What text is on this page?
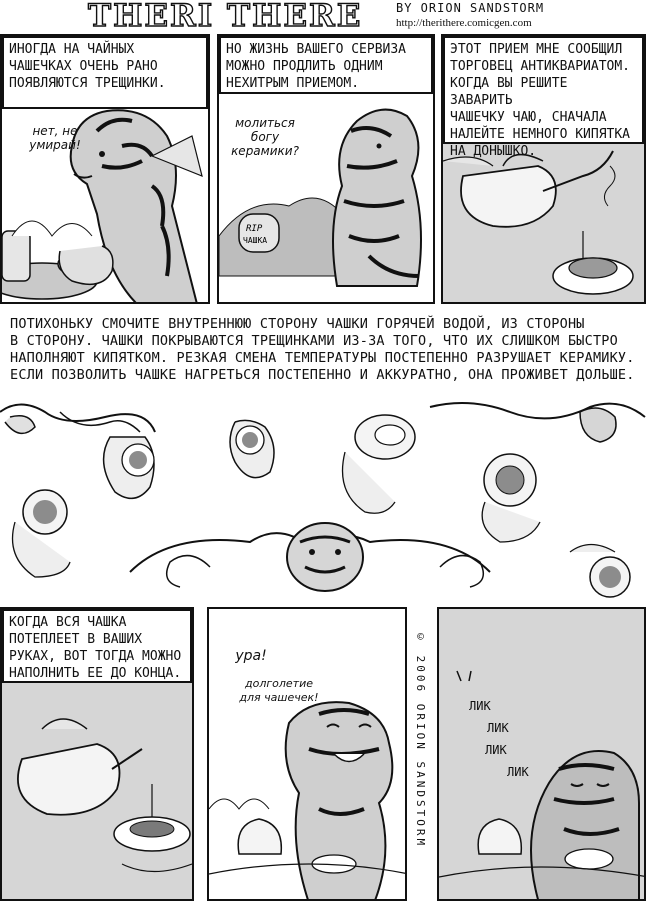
THERI THERE	BY ORION SANDSTORM
http://theritherе.comicgen.com
ИНОГДА НА ЧАЙНЫХ
ЧАШЕЧКАХ ОЧЕНЬ РАНО
ПОЯВЛЯЮТСЯ ТРЕЩИНКИ.
нет, не
умирай!
RIP
ЧАШКА
НО ЖИЗНЬ ВАШЕГО СЕРВИЗА
МОЖНО ПРОДЛИТЬ ОДНИМ
НЕХИТРЫМ ПРИЕМОМ.
молиться
богу
керамики?
ЭТОТ ПРИЕМ МНЕ СООБЩИЛ
ТОРГОВЕЦ АНТИКВАРИАТОМ.
КОГДА ВЫ РЕШИТЕ ЗАВАРИТЬ
ЧАШЕЧКУ ЧАЮ, СНАЧАЛА
НАЛЕЙТЕ НЕМНОГО КИПЯТКА
НА ДОНЫШКО.
ПОТИХОНЬКУ СМОЧИТЕ ВНУТРЕННЮЮ СТОРОНУ ЧАШКИ ГОРЯЧЕЙ ВОДОЙ, ИЗ СТОРОНЫ
В СТОРОНУ. ЧАШКИ ПОКРЫВАЮТСЯ ТРЕЩИНКАМИ ИЗ-ЗА ТОГО, ЧТО ИХ СЛИШКОМ БЫСТРО
НАПОЛНЯЮТ КИПЯТКОМ. РЕЗКАЯ СМЕНА ТЕМПЕРАТУРЫ ПОСТЕПЕННО РАЗРУШАЕТ КЕРАМИКУ.
ЕСЛИ ПОЗВОЛИТЬ ЧАШКЕ НАГРЕТЬСЯ ПОСТЕПЕННО И АККУРАТНО, ОНА ПРОЖИВЕТ ДОЛЬШЕ.
КОГДА ВСЯ ЧАШКА
ПОТЕПЛЕЕТ В ВАШИХ
РУКАХ, ВОТ ТОГДА МОЖНО
НАПОЛНИТЬ ЕЕ ДО КОНЦА.
ура!
долголетие
для чашечек!	© 2006 ORION SANDSTORM	ЛИК
ЛИК
ЛИК
ЛИК
